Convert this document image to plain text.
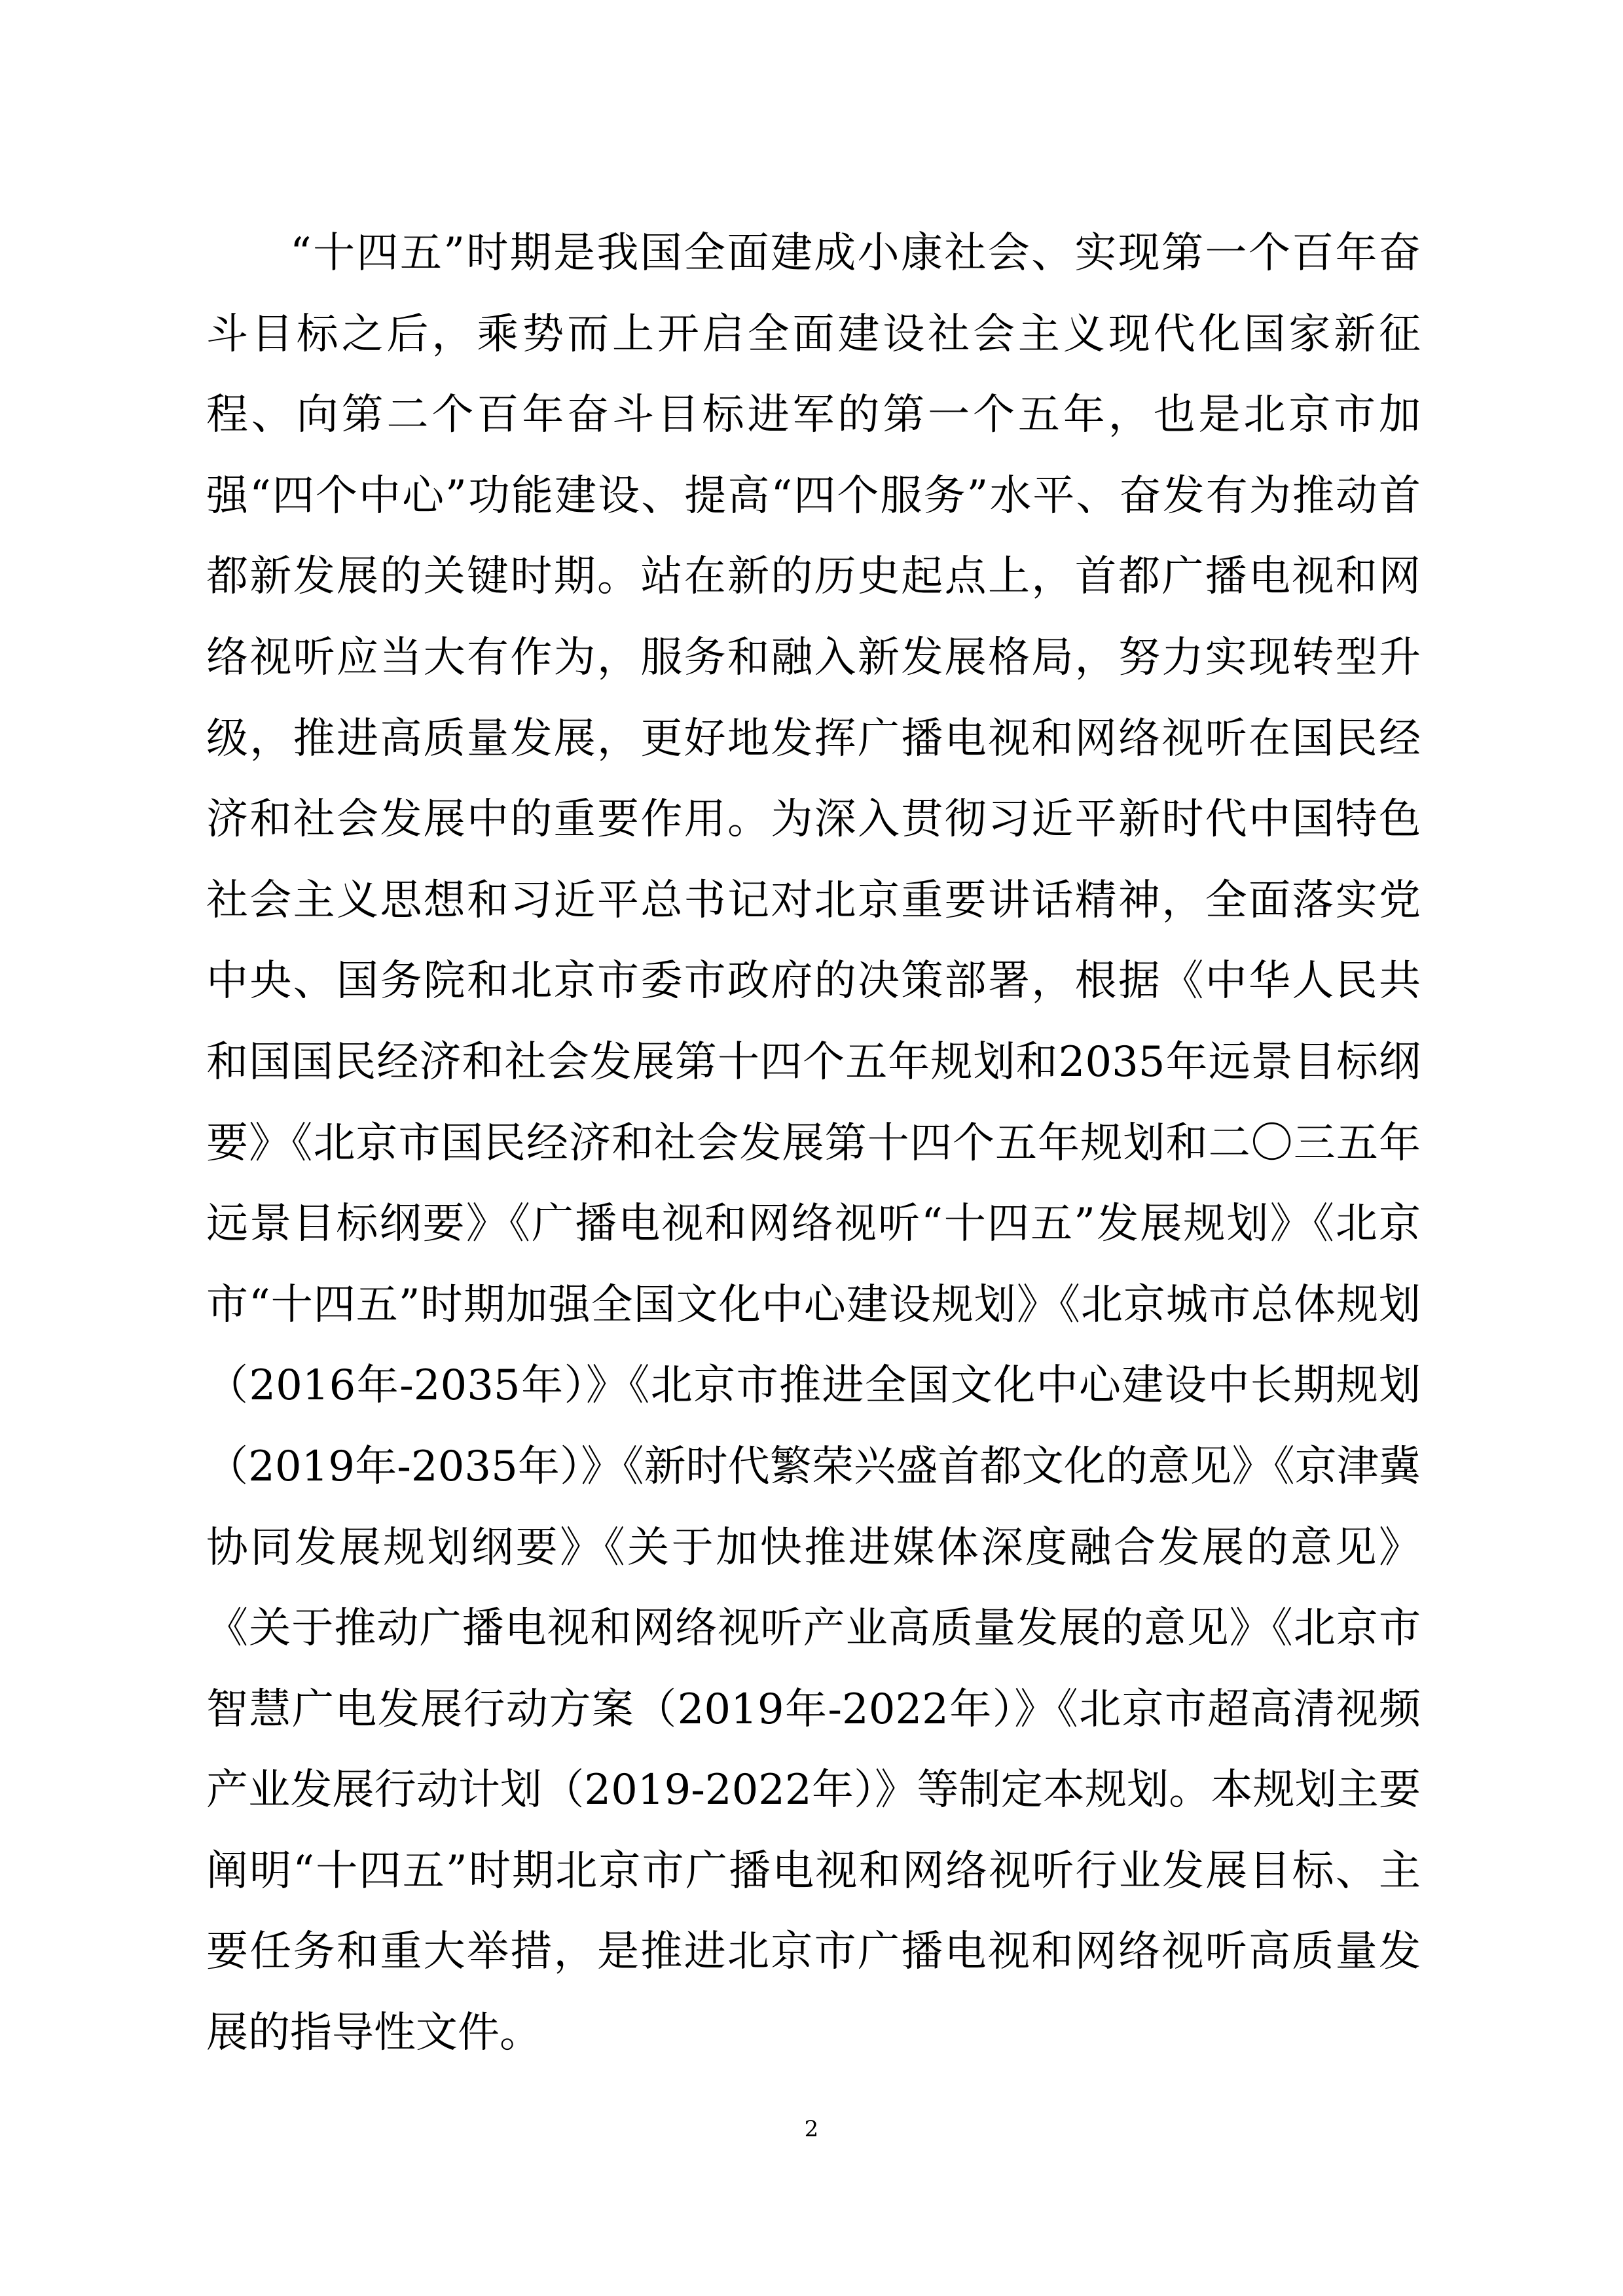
“十四五”时期是我国全面建成小康社会、实现第一个百年奋斗目标之后，乘势而上开启全面建设社会主义现代化国家新征程、向第二个百年奋斗目标进军的第一个五年，也是北京市加强“四个中心”功能建设、提高“四个服务”水平、奋发有为推动首都新发展的关键时期。站在新的历史起点上，首都广播电视和网络视听应当大有作为，服务和融入新发展格局，努力实现转型升级，推进高质量发展，更好地发挥广播电视和网络视听在国民经济和社会发展中的重要作用。为深入贯彻习近平新时代中国特色社会主义思想和习近平总书记对北京重要讲话精神，全面落实党中央、国务院和北京市委市政府的决策部署，根据《中华人民共和国国民经济和社会发展第十四个五年规划和2035年远景目标纲要》《北京市国民经济和社会发展第十四个五年规划和二〇三五年远景目标纲要》《广播电视和网络视听“十四五”发展规划》《北京市“十四五”时期加强全国文化中心建设规划》《北京城市总体规划（2016年-2035年）》《北京市推进全国文化中心建设中长期规划（2019年-2035年）》《新时代繁荣兴盛首都文化的意见》《京津冀协同发展规划纲要》《关于加快推进媒体深度融合发展的意见》《关于推动广播电视和网络视听产业高质量发展的意见》《北京市智慧广电发展行动方案（2019年-2022年）》《北京市超高清视频产业发展行动计划（2019-2022年）》等制定本规划。本规划主要阐明“十四五”时期北京市广播电视和网络视听行业发展目标、主要任务和重大举措，是推进北京市广播电视和网络视听高质量发展的指导性文件。

2
